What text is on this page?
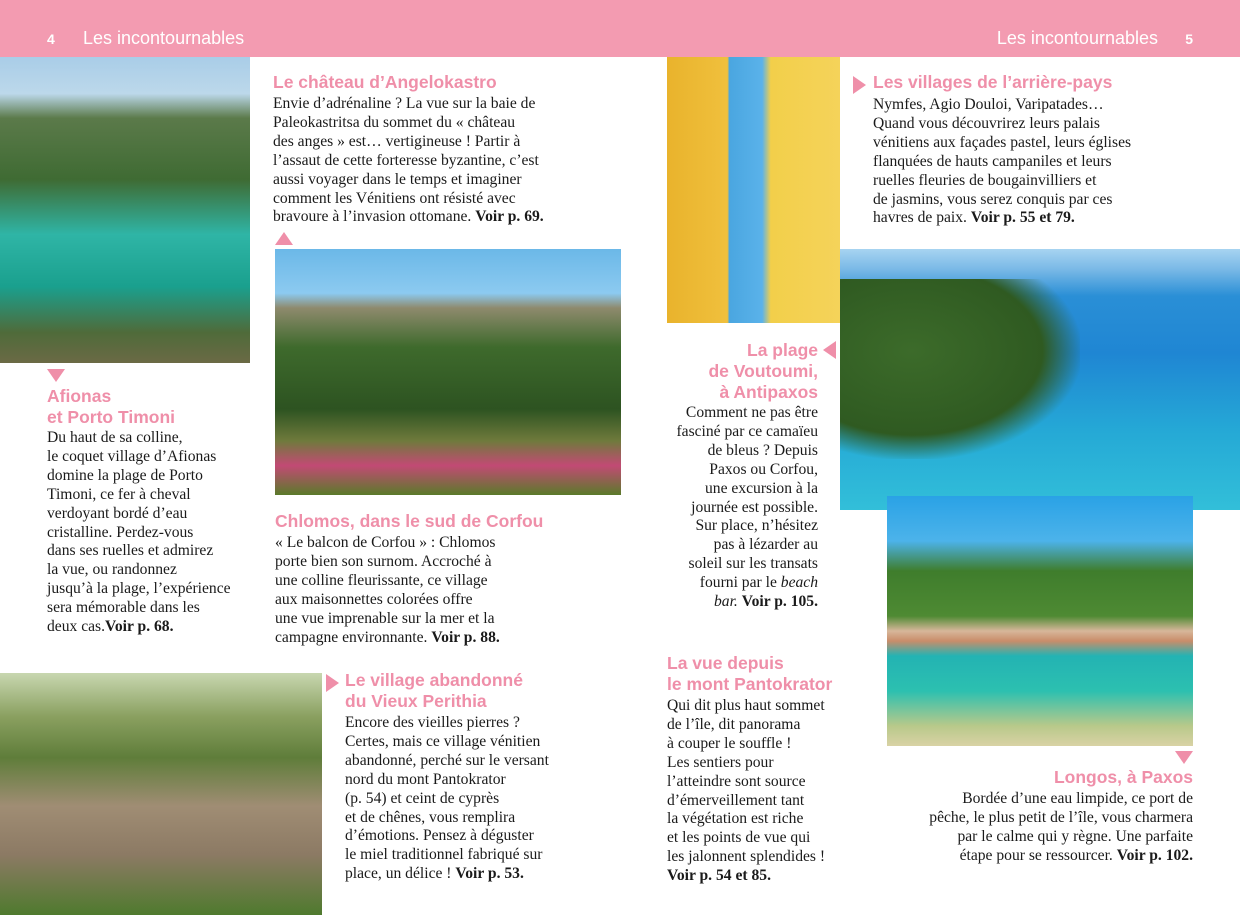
4 Les incontournables	Les incontournables 5
Afionas
et Porto Timoni
Du haut de sa colline,
le coquet village d’Afionas
domine la plage de Porto
Timoni, ce fer à cheval
verdoyant bordé d’eau
cristalline. Perdez-vous
dans ses ruelles et admirez
la vue, ou randonnez
jusqu’à la plage, l’expérience
sera mémorable dans les
deux cas.Voir p. 68.
Le château d’Angelokastro
Envie d’adrénaline ? La vue sur la baie de
Paleokastritsa du sommet du « château
des anges » est… vertigineuse ! Partir à
l’assaut de cette forteresse byzantine, c’est
aussi voyager dans le temps et imaginer
comment les Vénitiens ont résisté avec
bravoure à l’invasion ottomane. Voir p. 69.
Chlomos, dans le sud de Corfou
« Le balcon de Corfou » : Chlomos
porte bien son surnom. Accroché à
une colline fleurissante, ce village
aux maisonnettes colorées offre
une vue imprenable sur la mer et la
campagne environnante. Voir p. 88.
Le village abandonné
du Vieux Perithia
Encore des vieilles pierres ?
Certes, mais ce village vénitien
abandonné, perché sur le versant
nord du mont Pantokrator
(p. 54) et ceint de cyprès
et de chênes, vous remplira
d’émotions. Pensez à déguster
le miel traditionnel fabriqué sur
place, un délice ! Voir p. 53.
Les villages de l’arrière-pays
Nymfes, Agio Douloi, Varipatades…
Quand vous découvrirez leurs palais
vénitiens aux façades pastel, leurs églises
flanquées de hauts campaniles et leurs
ruelles fleuries de bougainvilliers et
de jasmins, vous serez conquis par ces
havres de paix. Voir p. 55 et 79.
La plage
de Voutoumi,
à Antipaxos
Comment ne pas être
fasciné par ce camaïeu
de bleus ? Depuis
Paxos ou Corfou,
une excursion à la
journée est possible.
Sur place, n’hésitez
pas à lézarder au
soleil sur les transats
fourni par le beach
bar. Voir p. 105.
La vue depuis
le mont Pantokrator
Qui dit plus haut sommet
de l’île, dit panorama
à couper le souffle !
Les sentiers pour
l’atteindre sont source
d’émerveillement tant
la végétation est riche
et les points de vue qui
les jalonnent splendides !
Voir p. 54 et 85.
Longos, à Paxos
Bordée d’une eau limpide, ce port de
pêche, le plus petit de l’île, vous charmera
par le calme qui y règne. Une parfaite
étape pour se ressourcer. Voir p. 102.
